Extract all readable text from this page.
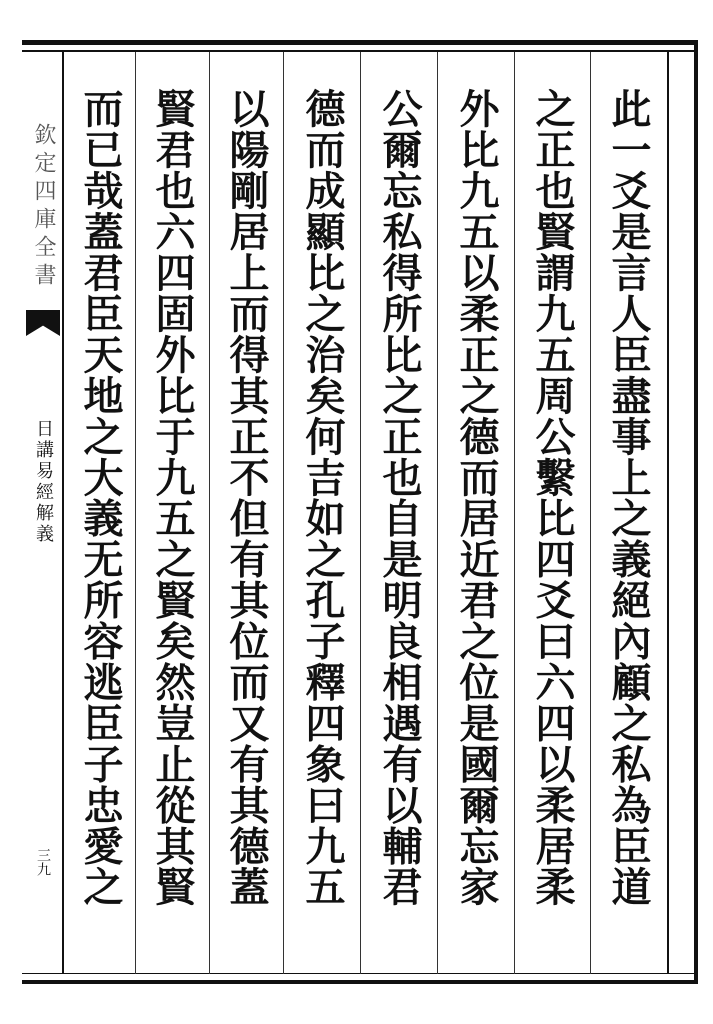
欽定四庫全書
日講易經解義
三九	此一爻是言人臣盡事上之義絕內顧之私為臣道
之正也賢謂九五周公繫比四爻曰六四以柔居柔
外比九五以柔正之德而居近君之位是國爾忘家
公爾忘私得所比之正也自是明良相遇有以輔君
德而成顯比之治矣何吉如之孔子釋四象曰九五
以陽剛居上而得其正不但有其位而又有其德蓋
賢君也六四固外比于九五之賢矣然豈止從其賢
而已哉蓋君臣天地之大義无所容逃臣子忠愛之
